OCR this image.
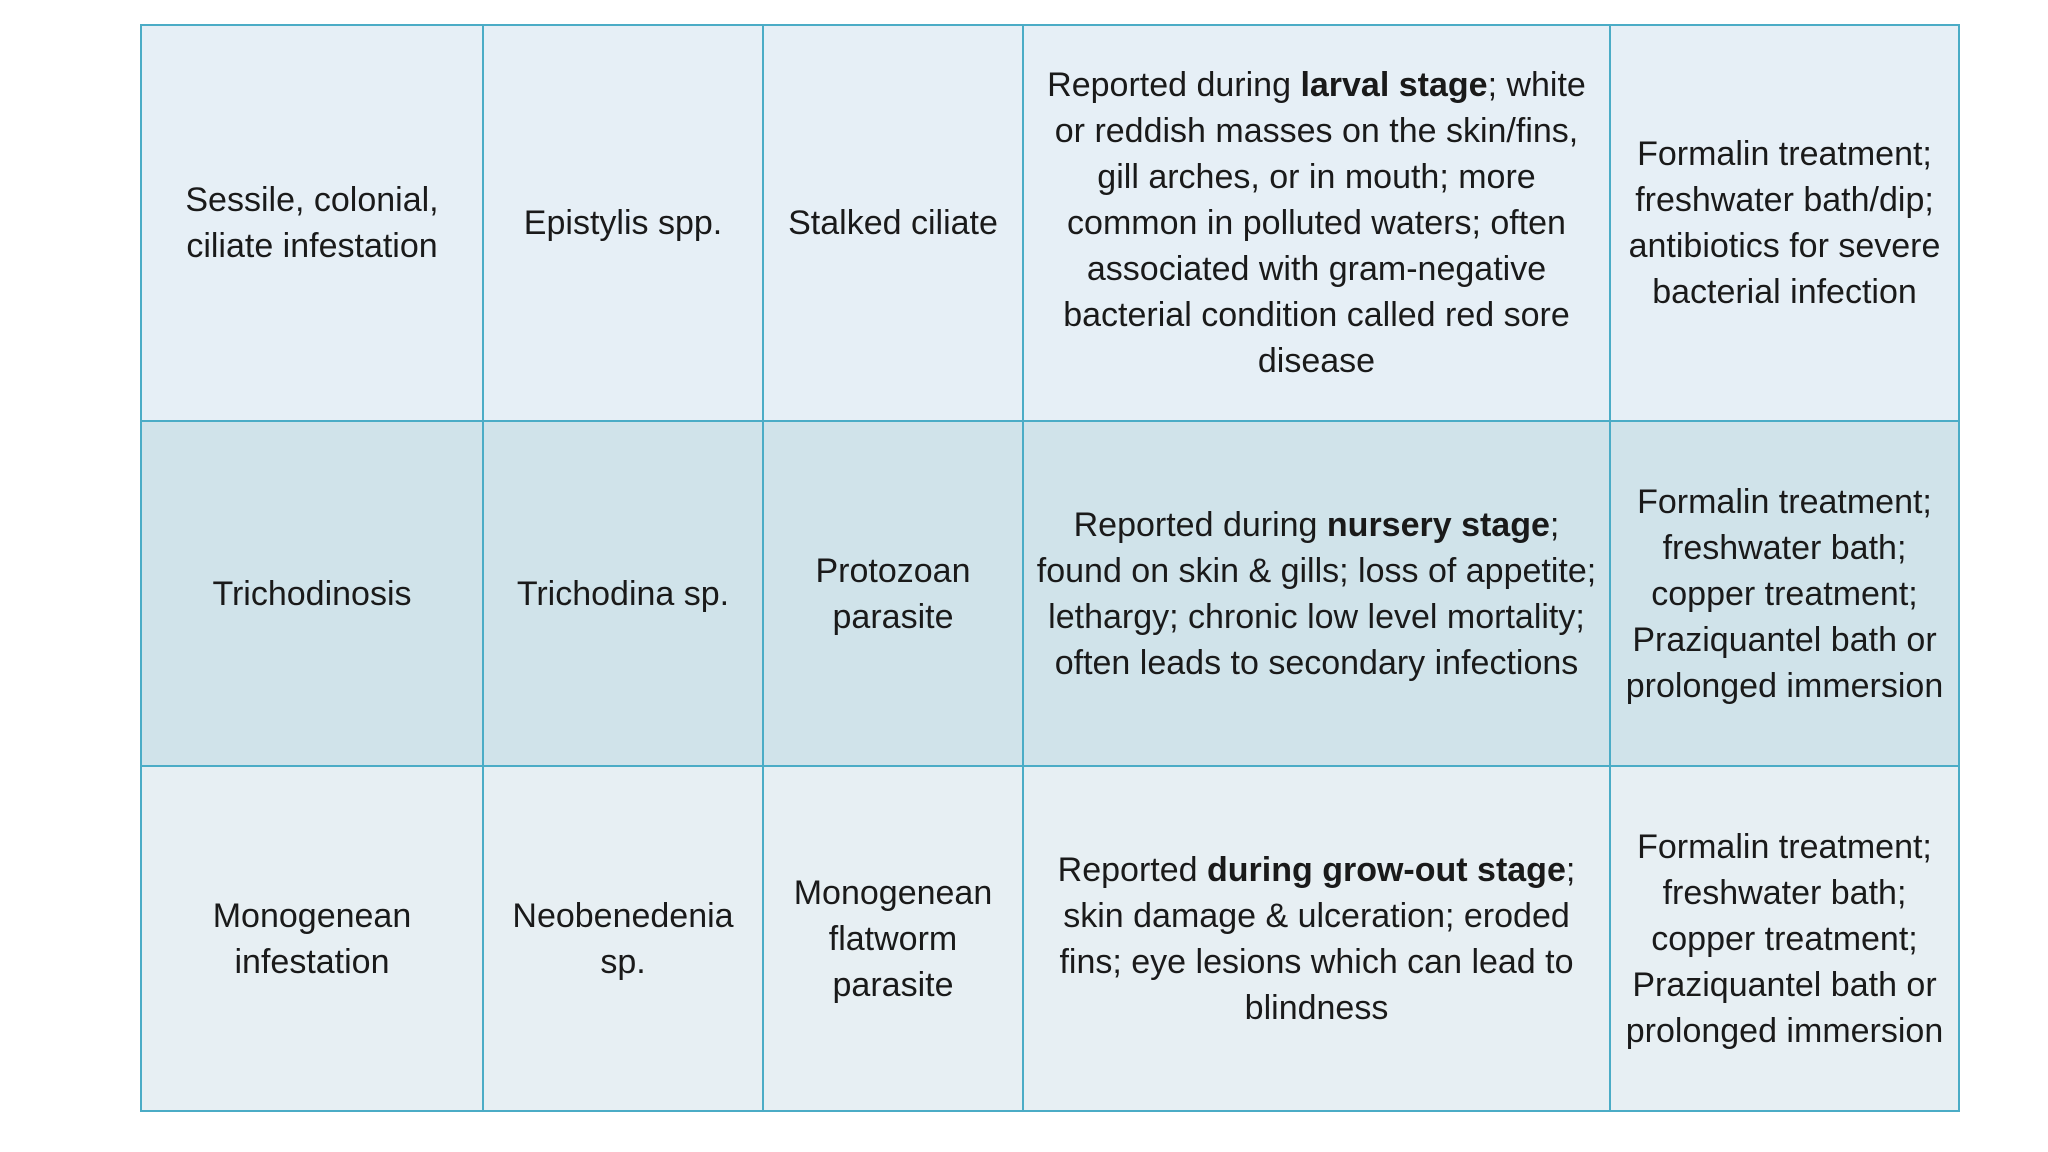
Sessile, colonial, ciliate infestation	Epistylis spp.	Stalked ciliate	Reported during larval stage; white or reddish masses on the skin/fins, gill arches, or in mouth; more common in polluted waters; often associated with gram-negative bacterial condition called red sore disease	Formalin treatment; freshwater bath/dip; antibiotics for severe bacterial infection
Trichodinosis	Trichodina sp.	Protozoan parasite	Reported during nursery stage; found on skin & gills; loss of appetite; lethargy; chronic low level mortality; often leads to secondary infections	Formalin treatment; freshwater bath; copper treatment; Praziquantel bath or prolonged immersion
Monogenean infestation	Neobenedenia sp.	Monogenean flatworm parasite	Reported during grow-out stage; skin damage & ulceration; eroded fins; eye lesions which can lead to blindness	Formalin treatment; freshwater bath; copper treatment; Praziquantel bath or prolonged immersion
